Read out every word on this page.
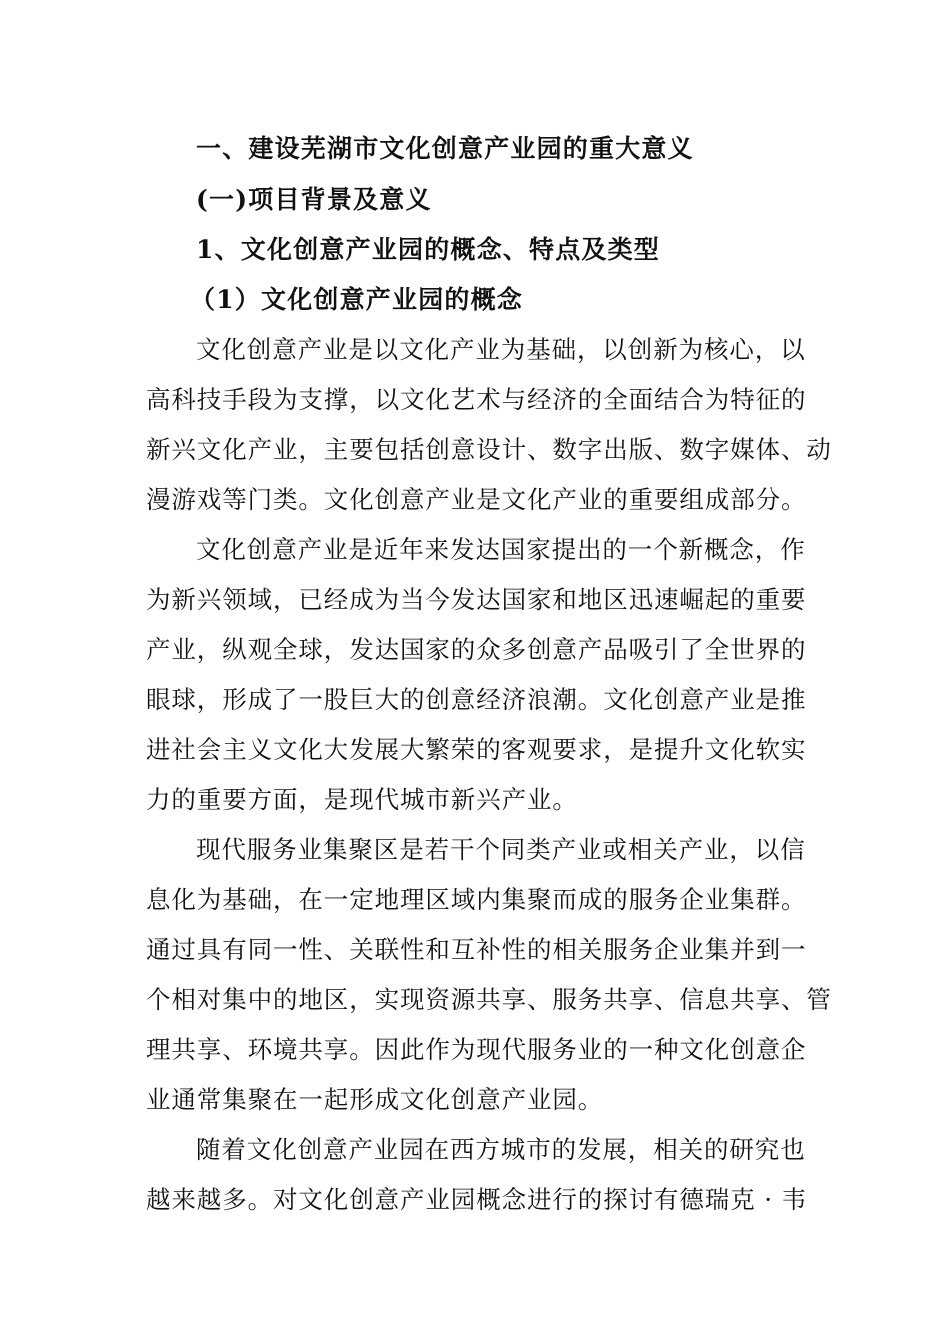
一、建设芜湖市文化创意产业园的重大意义
(一)项目背景及意义
1、文化创意产业园的概念、特点及类型
（1）文化创意产业园的概念
文化创意产业是以文化产业为基础，以创新为核心，以
高科技手段为支撑，以文化艺术与经济的全面结合为特征的
新兴文化产业，主要包括创意设计、数字出版、数字媒体、动
漫游戏等门类。文化创意产业是文化产业的重要组成部分。
文化创意产业是近年来发达国家提出的一个新概念，作
为新兴领域，已经成为当今发达国家和地区迅速崛起的重要
产业，纵观全球，发达国家的众多创意产品吸引了全世界的
眼球，形成了一股巨大的创意经济浪潮。文化创意产业是推
进社会主义文化大发展大繁荣的客观要求，是提升文化软实
力的重要方面，是现代城市新兴产业。
现代服务业集聚区是若干个同类产业或相关产业，以信
息化为基础，在一定地理区域内集聚而成的服务企业集群。
通过具有同一性、关联性和互补性的相关服务企业集并到一
个相对集中的地区，实现资源共享、服务共享、信息共享、管
理共享、环境共享。因此作为现代服务业的一种文化创意企
业通常集聚在一起形成文化创意产业园。
随着文化创意产业园在西方城市的发展，相关的研究也
越来越多。对文化创意产业园概念进行的探讨有德瑞克 · 韦
